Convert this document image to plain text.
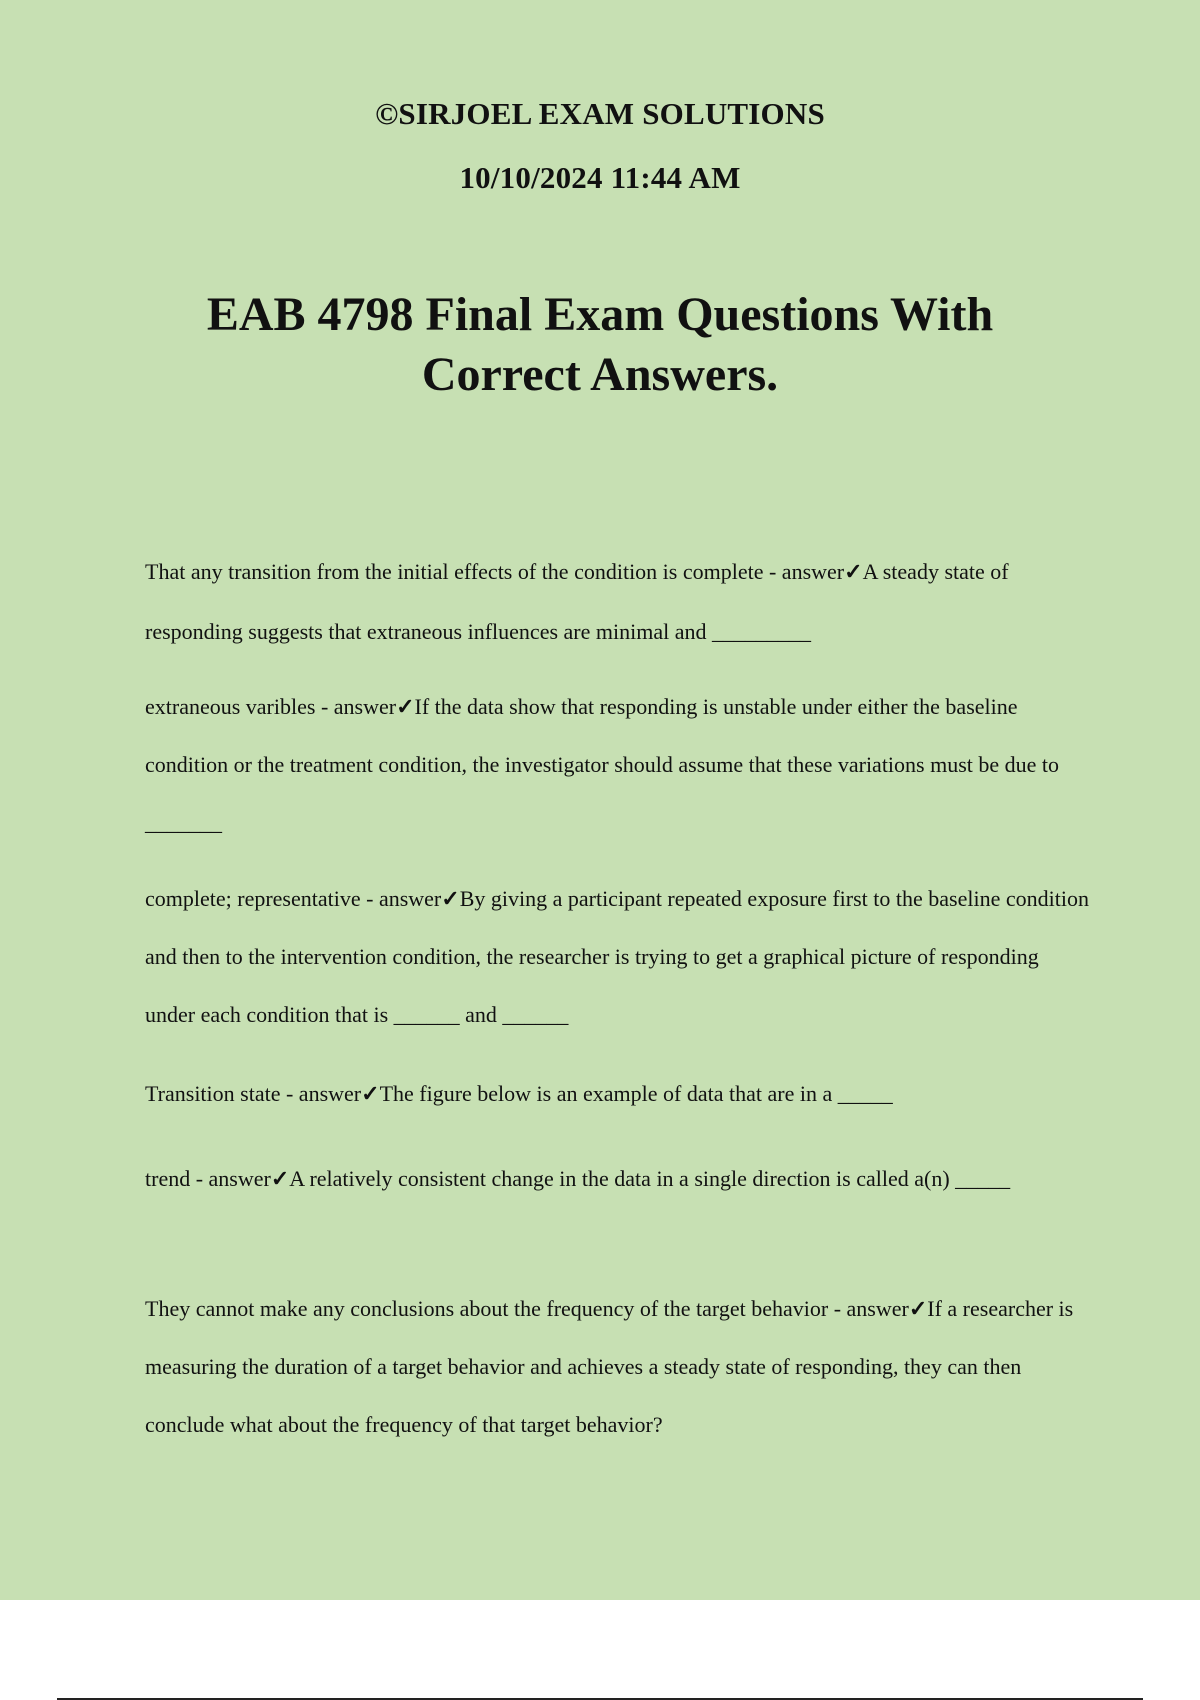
©SIRJOEL EXAM SOLUTIONS
10/10/2024 11:44 AM
EAB 4798 Final Exam Questions With Correct Answers.

That any transition from the initial effects of the condition is complete - answer✓A steady state of responding suggests that extraneous influences are minimal and _________

extraneous varibles - answer✓If the data show that responding is unstable under either the baseline condition or the treatment condition, the investigator should assume that these variations must be due to _______

complete; representative - answer✓By giving a participant repeated exposure first to the baseline condition and then to the intervention condition, the researcher is trying to get a graphical picture of responding under each condition that is ______ and ______

Transition state - answer✓The figure below is an example of data that are in a _____

trend - answer✓A relatively consistent change in the data in a single direction is called a(n) _____

They cannot make any conclusions about the frequency of the target behavior - answer✓If a researcher is measuring the duration of a target behavior and achieves a steady state of responding, they can then conclude what about the frequency of that target behavior?
